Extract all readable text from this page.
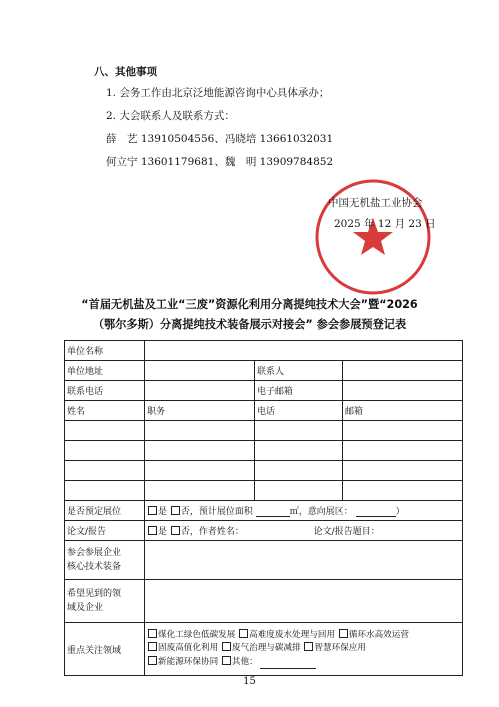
八、其他事项
1. 会务工作由北京泛地能源咨询中心具体承办；
2. 大会联系人及联系方式：
薛　艺 13910504556、冯晓培 13661032031
何立宁 13601179681、魏　明 13909784852
中国无机盐工业协会
2025 年 12 月 23 日
“首届无机盐及工业“三废”资源化利用分离提纯技术大会”暨“2026
（鄂尔多斯）分离提纯技术装备展示对接会” 参会参展预登记表
单位名称			
单位地址		联系人	
联系电话		电子邮箱	
姓名	职务	电话	邮箱

是否预定展位	是 否，预计展位面积 ㎡，意向展区： ）		
论文/报告	是 否，作者姓名： 论文/报告题目：		
参会参展企业
核心技术装备			
希望见到的领
域及企业			
重点关注领域	煤化工绿色低碳发展 高难度废水处理与回用 循环水高效运营
固废高值化利用 废气治理与碳减排 智慧环保应用
新能源环保协同 其他：		
15
